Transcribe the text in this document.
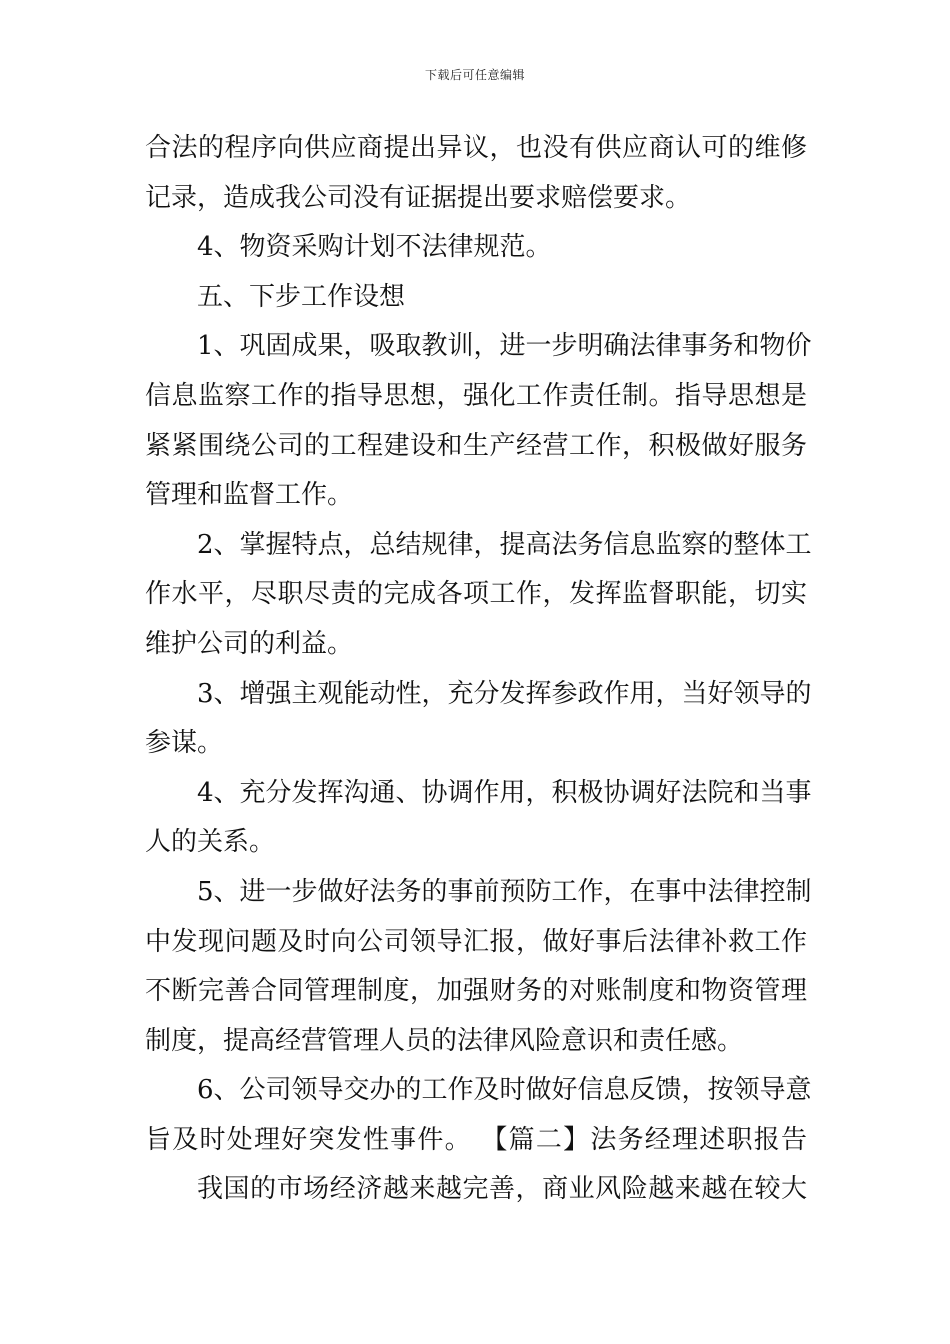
下载后可任意编辑
合法的程序向供应商提出异议，也没有供应商认可的维修
记录，造成我公司没有证据提出要求赔偿要求。
4、物资采购计划不法律规范。
五、下步工作设想
1、巩固成果，吸取教训，进一步明确法律事务和物价
信息监察工作的指导思想，强化工作责任制。指导思想是
紧紧围绕公司的工程建设和生产经营工作，积极做好服务
管理和监督工作。
2、掌握特点，总结规律，提高法务信息监察的整体工
作水平，尽职尽责的完成各项工作，发挥监督职能，切实
维护公司的利益。
3、增强主观能动性，充分发挥参政作用，当好领导的
参谋。
4、充分发挥沟通、协调作用，积极协调好法院和当事
人的关系。
5、进一步做好法务的事前预防工作，在事中法律控制
中发现问题及时向公司领导汇报，做好事后法律补救工作
不断完善合同管理制度，加强财务的对账制度和物资管理
制度，提高经营管理人员的法律风险意识和责任感。
6、公司领导交办的工作及时做好信息反馈，按领导意
旨及时处理好突发性事件。 【篇二】法务经理述职报告
我国的市场经济越来越完善，商业风险越来越在较大
